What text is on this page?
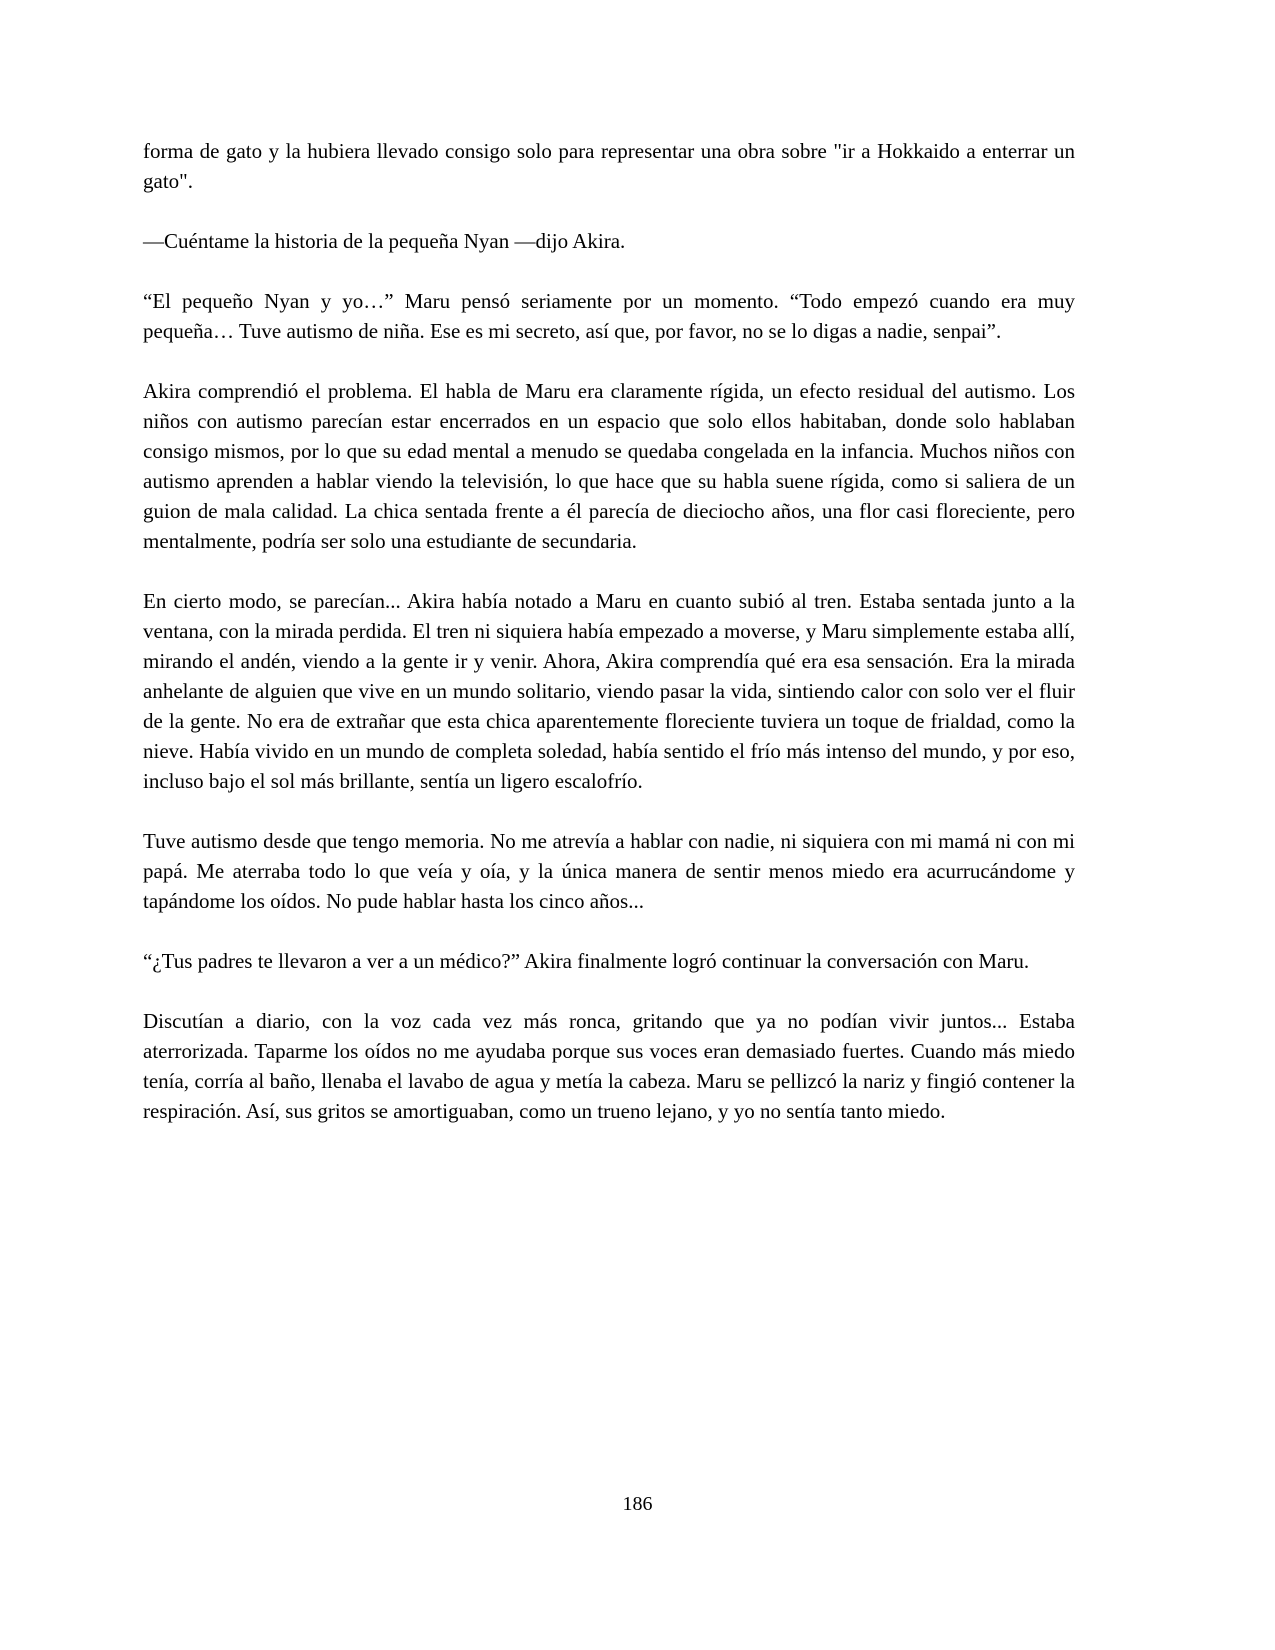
forma de gato y la hubiera llevado consigo solo para representar una obra sobre "ir a Hokkaido a enterrar un gato".

—Cuéntame la historia de la pequeña Nyan —dijo Akira.

“El pequeño Nyan y yo…” Maru pensó seriamente por un momento. “Todo empezó cuando era muy pequeña… Tuve autismo de niña. Ese es mi secreto, así que, por favor, no se lo digas a nadie, senpai”.

Akira comprendió el problema. El habla de Maru era claramente rígida, un efecto residual del autismo. Los niños con autismo parecían estar encerrados en un espacio que solo ellos habitaban, donde solo hablaban consigo mismos, por lo que su edad mental a menudo se quedaba congelada en la infancia. Muchos niños con autismo aprenden a hablar viendo la televisión, lo que hace que su habla suene rígida, como si saliera de un guion de mala calidad. La chica sentada frente a él parecía de dieciocho años, una flor casi floreciente, pero mentalmente, podría ser solo una estudiante de secundaria.

En cierto modo, se parecían... Akira había notado a Maru en cuanto subió al tren. Estaba sentada junto a la ventana, con la mirada perdida. El tren ni siquiera había empezado a moverse, y Maru simplemente estaba allí, mirando el andén, viendo a la gente ir y venir. Ahora, Akira comprendía qué era esa sensación. Era la mirada anhelante de alguien que vive en un mundo solitario, viendo pasar la vida, sintiendo calor con solo ver el fluir de la gente. No era de extrañar que esta chica aparentemente floreciente tuviera un toque de frialdad, como la nieve. Había vivido en un mundo de completa soledad, había sentido el frío más intenso del mundo, y por eso, incluso bajo el sol más brillante, sentía un ligero escalofrío.

Tuve autismo desde que tengo memoria. No me atrevía a hablar con nadie, ni siquiera con mi mamá ni con mi papá. Me aterraba todo lo que veía y oía, y la única manera de sentir menos miedo era acurrucándome y tapándome los oídos. No pude hablar hasta los cinco años...

“¿Tus padres te llevaron a ver a un médico?” Akira finalmente logró continuar la conversación con Maru.

Discutían a diario, con la voz cada vez más ronca, gritando que ya no podían vivir juntos... Estaba aterrorizada. Taparme los oídos no me ayudaba porque sus voces eran demasiado fuertes. Cuando más miedo tenía, corría al baño, llenaba el lavabo de agua y metía la cabeza. Maru se pellizcó la nariz y fingió contener la respiración. Así, sus gritos se amortiguaban, como un trueno lejano, y yo no sentía tanto miedo.

186
